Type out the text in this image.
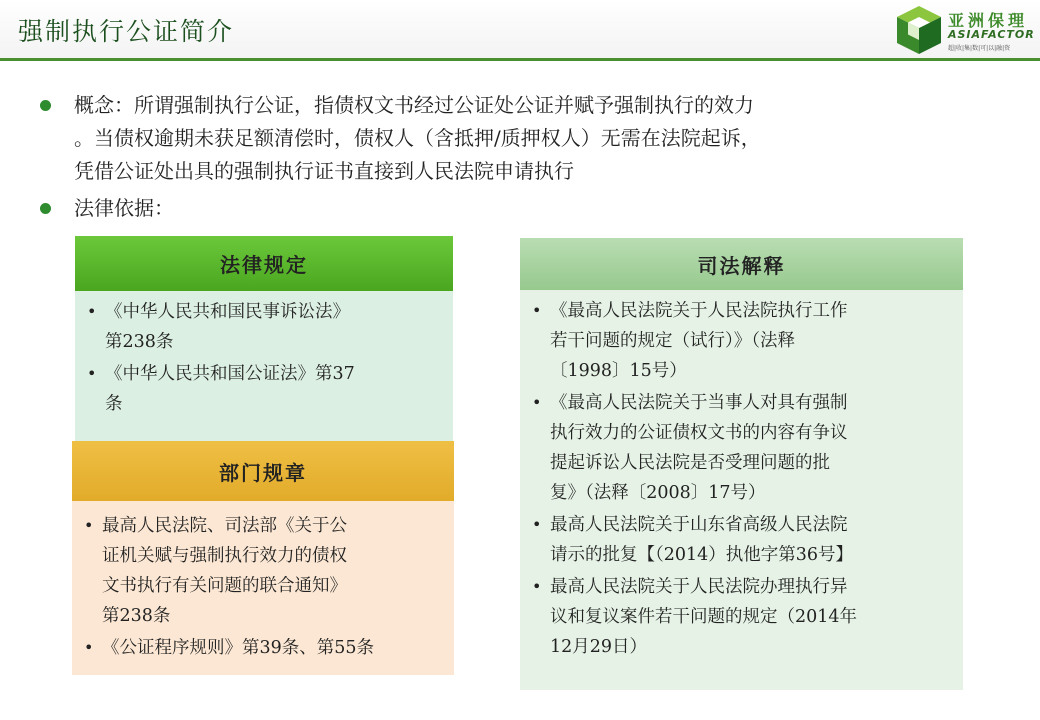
强制执行公证简介	亚洲保理
ASIAFACTOR
超|收|集|数|可|以|融|资
概念：所谓强制执行公证，指债权文书经过公证处公证并赋予强制执行的效力
。当债权逾期未获足额清偿时，债权人（含抵押/质押权人）无需在法院起诉，
凭借公证处出具的强制执行证书直接到人民法院申请执行
法律依据：
法律规定
• 《中华人民共和国民事诉讼法》
第238条
• 《中华人民共和国公证法》第37
条
部门规章
• 最高人民法院、司法部《关于公
证机关赋与强制执行效力的债权
文书执行有关问题的联合通知》
第238条
• 《公证程序规则》第39条、第55条
司法解释
• 《最高人民法院关于人民法院执行工作
若干问题的规定（试行）》（法释
〔1998〕15号）
• 《最高人民法院关于当事人对具有强制
执行效力的公证债权文书的内容有争议
提起诉讼人民法院是否受理问题的批
复》（法释〔2008〕17号）
• 最高人民法院关于山东省高级人民法院
请示的批复【（2014）执他字第36号】
• 最高人民法院关于人民法院办理执行异
议和复议案件若干问题的规定（2014年
12月29日）
